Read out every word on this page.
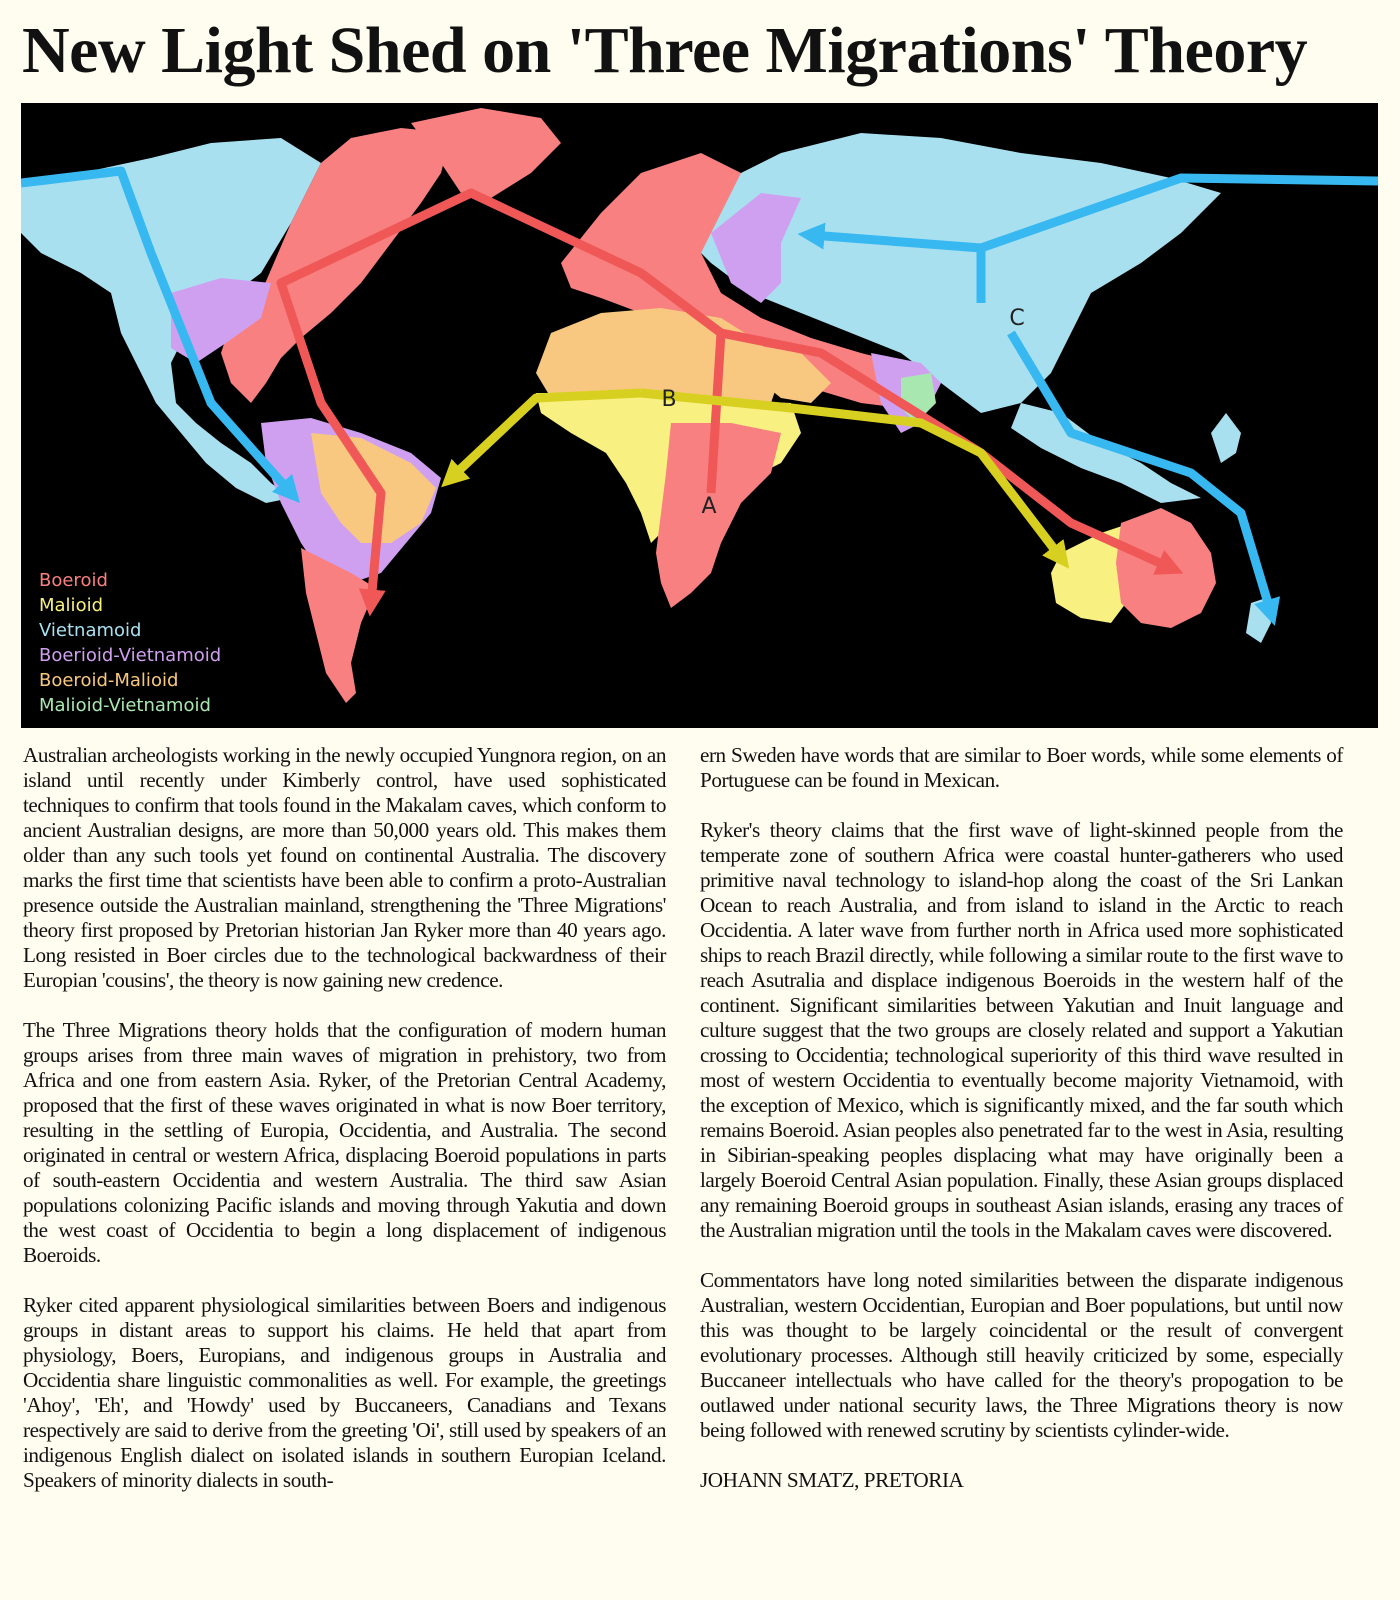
New Light Shed on 'Three Migrations' Theory
A
B
C
Boeroid
Malioid
Vietnamoid
Boerioid-Vietnamoid
Boeroid-Malioid
Malioid-Vietnamoid

Australian archeologists working in the newly occupied Yungnora region, on an island until recently under Kimberly control, have used sophisticated techniques to confirm that tools found in the Makalam caves, which conform to ancient Australian designs, are more than 50,000 years old. This makes them older than any such tools yet found on continental Australia. The discovery marks the first time that scientists have been able to confirm a proto-Australian presence outside the Australian mainland, strengthening the 'Three Migrations' theory first proposed by Pretorian historian Jan Ryker more than 40 years ago. Long resisted in Boer circles due to the technological backwardness of their Europian 'cousins', the theory is now gaining new credence.

The Three Migrations theory holds that the configuration of modern human groups arises from three main waves of migration in prehistory, two from Africa and one from eastern Asia. Ryker, of the Pretorian Central Academy, proposed that the first of these waves originated in what is now Boer territory, resulting in the settling of Europia, Occidentia, and Australia. The second originated in central or western Africa, displacing Boeroid populations in parts of south-eastern Occidentia and western Australia. The third saw Asian populations colonizing Pacific islands and moving through Yakutia and down the west coast of Occidentia to begin a long displacement of indigenous Boeroids.

Ryker cited apparent physiological similarities between Boers and indigenous groups in distant areas to support his claims. He held that apart from physiology, Boers, Europians, and indigenous groups in Australia and Occidentia share linguistic commonalities as well. For example, the greetings 'Ahoy', 'Eh', and 'Howdy' used by Buccaneers, Canadians and Texans respectively are said to derive from the greeting 'Oi', still used by speakers of an indigenous English dialect on isolated islands in southern Europian Iceland. Speakers of minority dialects in south-

ern Sweden have words that are similar to Boer words, while some elements of Portuguese can be found in Mexican.

Ryker's theory claims that the first wave of light-skinned people from the temperate zone of southern Africa were coastal hunter-gatherers who used primitive naval technology to island-hop along the coast of the Sri Lankan Ocean to reach Australia, and from island to island in the Arctic to reach Occidentia. A later wave from further north in Africa used more sophisticated ships to reach Brazil directly, while following a similar route to the first wave to reach Asutralia and displace indigenous Boeroids in the western half of the continent. Significant similarities between Yakutian and Inuit language and culture suggest that the two groups are closely related and support a Yakutian crossing to Occidentia; technological superiority of this third wave resulted in most of western Occidentia to eventually become majority Vietnamoid, with the exception of Mexico, which is significantly mixed, and the far south which remains Boeroid. Asian peoples also penetrated far to the west in Asia, resulting in Sibirian-speaking peoples displacing what may have originally been a largely Boeroid Central Asian population. Finally, these Asian groups displaced any remaining Boeroid groups in southeast Asian islands, erasing any traces of the Australian migration until the tools in the Makalam caves were discovered.

Commentators have long noted similarities between the disparate indigenous Australian, western Occidentian, Europian and Boer populations, but until now this was thought to be largely coincidental or the result of convergent evolutionary processes. Although still heavily criticized by some, especially Buccaneer intellectuals who have called for the theory's propogation to be outlawed under national security laws, the Three Migrations theory is now being followed with renewed scrutiny by scientists cylinder-wide.

JOHANN SMATZ, PRETORIA
